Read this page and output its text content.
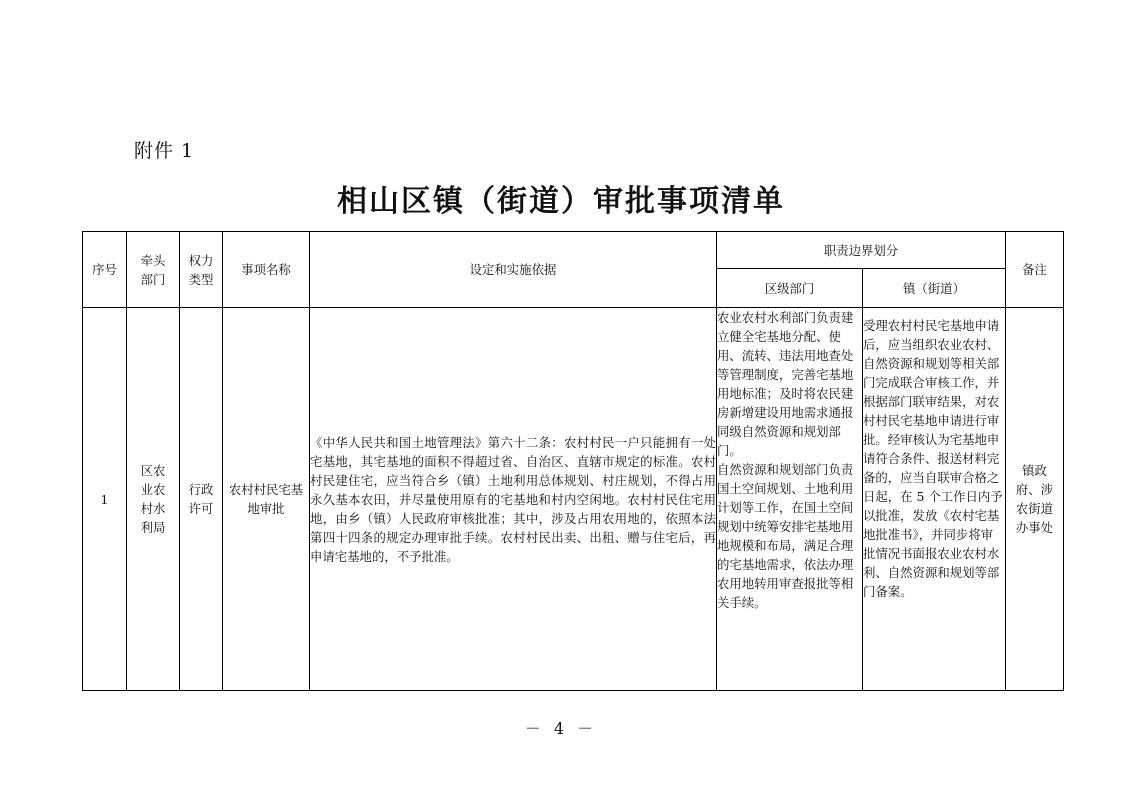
附件 1
相山区镇（街道）审批事项清单
序号	牵头部门	权力类型	事项名称	设定和实施依据	职责边界划分		备注
					区级部门	镇（街道）	
1	区农业农村水利局	行政许可	农村村民宅基地审批	《中华人民共和国土地管理法》第六十二条：农村村民一户只能拥有一处宅基地，其宅基地的面积不得超过省、自治区、直辖市规定的标准。农村村民建住宅，应当符合乡（镇）土地利用总体规划、村庄规划，不得占用永久基本农田，并尽量使用原有的宅基地和村内空闲地。农村村民住宅用地，由乡（镇）人民政府审核批准；其中，涉及占用农用地的，依照本法第四十四条的规定办理审批手续。农村村民出卖、出租、赠与住宅后，再申请宅基地的，不予批准。	农业农村水利部门负责建立健全宅基地分配、使用、流转、违法用地查处等管理制度，完善宅基地用地标准；及时将农民建房新增建设用地需求通报同级自然资源和规划部门。
自然资源和规划部门负责国土空间规划、土地利用计划等工作，在国土空间规划中统筹安排宅基地用地规模和布局，满足合理的宅基地需求，依法办理农用地转用审查报批等相关手续。	受理农村村民宅基地申请后，应当组织农业农村、自然资源和规划等相关部门完成联合审核工作，并根据部门联审结果，对农村村民宅基地申请进行审批。经审核认为宅基地申请符合条件、报送材料完备的，应当自联审合格之日起，在 5 个工作日内予以批准，发放《农村宅基地批准书》，并同步将审批情况书面报农业农村水利、自然资源和规划等部门备案。	镇政府、涉农街道办事处
－ 4 －
